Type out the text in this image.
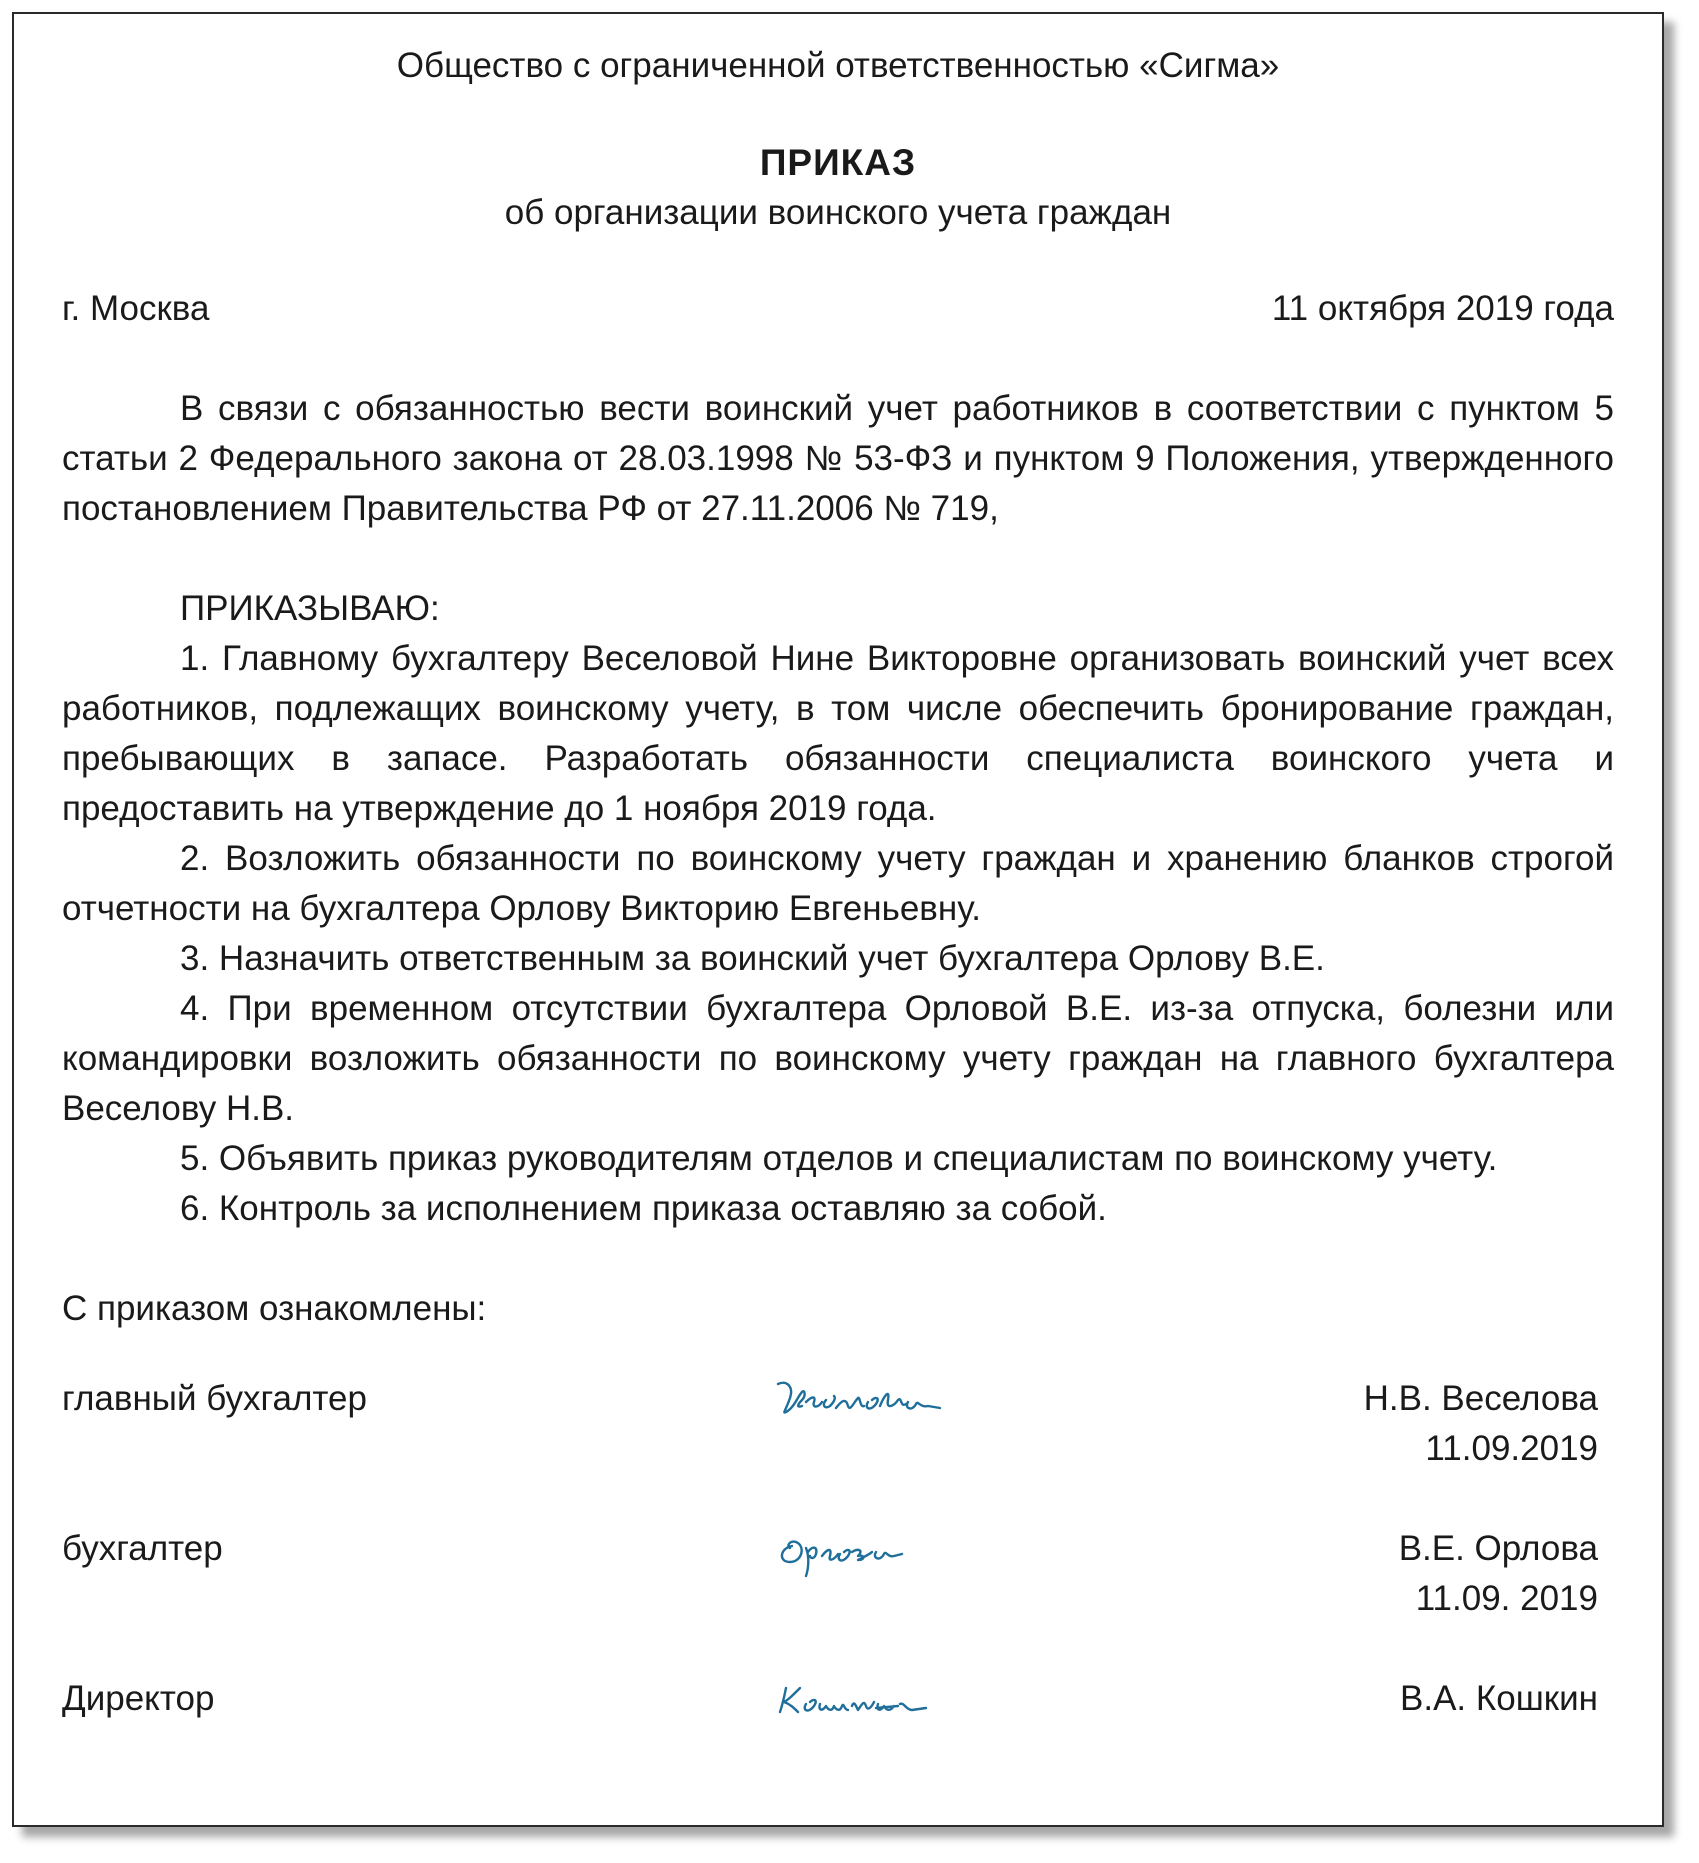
Общество с ограниченной ответственностью «Сигма»

ПРИКАЗ

об организации воинского учета граждан

г. Москва	11 октября 2019 года

В связи с обязанностью вести воинский учет работников в соответствии с пунктом 5 статьи 2 Федерального закона от 28.03.1998 № 53-ФЗ и пунктом 9 Положения, утвержденного постановлением Правительства РФ от 27.11.2006 № 719,

ПРИКАЗЫВАЮ:

1. Главному бухгалтеру Веселовой Нине Викторовне организовать воинский учет всех работников, подлежащих воинскому учету, в том числе обеспечить бронирование граждан, пребывающих в запасе. Разработать обязанности специалиста воинского учета и предоставить на утверждение до 1 ноября 2019 года.

2. Возложить обязанности по воинскому учету граждан и хранению бланков строгой отчетности на бухгалтера Орлову Викторию Евгеньевну.

3. Назначить ответственным за воинский учет бухгалтера Орлову В.Е.

4. При временном отсутствии бухгалтера Орловой В.Е. из-за отпуска, болезни или командировки возложить обязанности по воинскому учету граждан на главного бухгалтера Веселову Н.В.

5. Объявить приказ руководителям отделов и специалистам по воинскому учету.

6. Контроль за исполнением приказа оставляю за собой.

С приказом ознакомлены:
главный бухгалтер	Н.В. Веселова
11.09.2019
бухгалтер	В.Е. Орлова
11.09. 2019
Директор	В.А. Кошкин
